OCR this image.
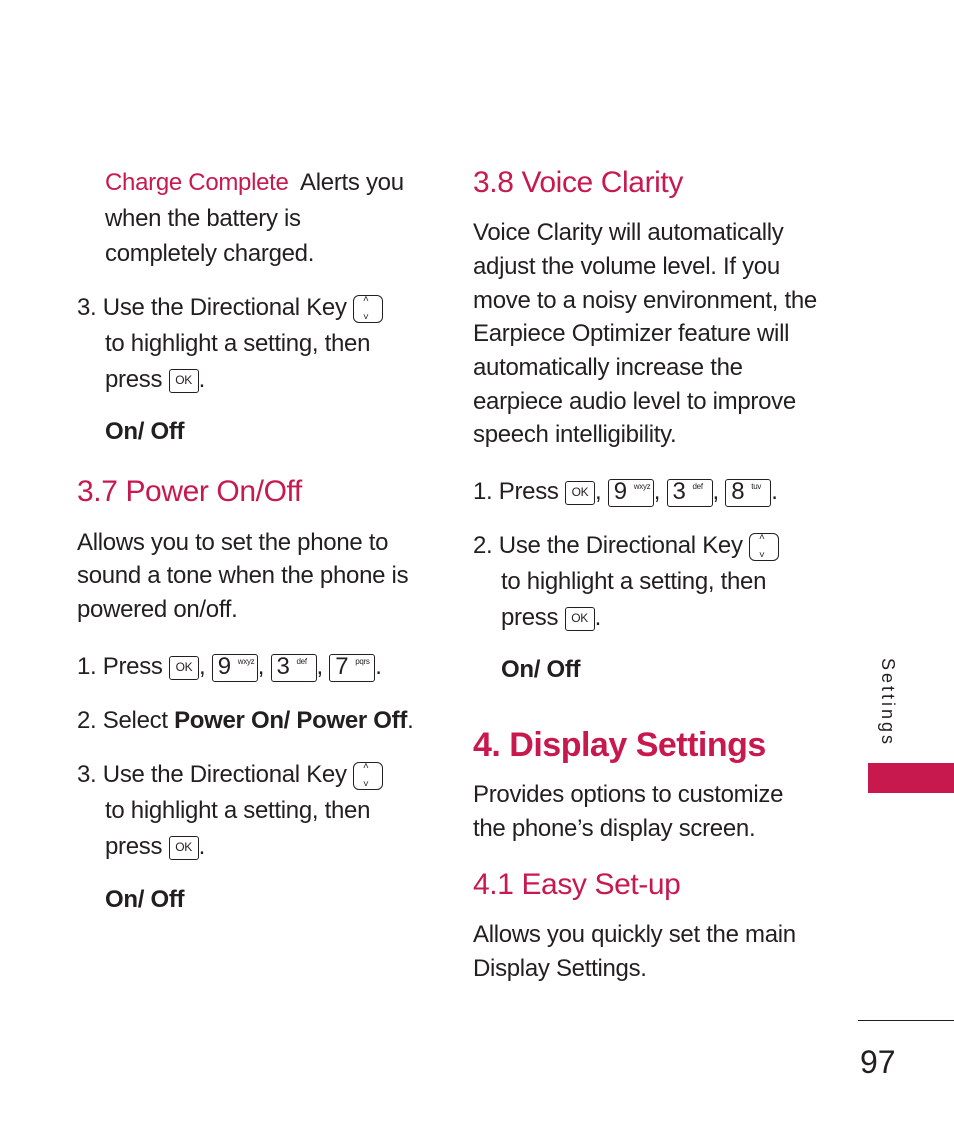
Charge Complete Alerts you
when the battery is
completely charged.
3. Use the Directional Key ˄
˅
to highlight a setting, then
press OK .
On/ Off
3.7 Power On/Off
Allows you to set the phone to
sound a tone when the phone is
powered on/off.
1. Press OK , 9 wxyz , 3 def , 7 pqrs .
2. Select Power On/ Power Off.
3. Use the Directional Key ˄
˅
to highlight a setting, then
press OK .
On/ Off
3.8 Voice Clarity
Voice Clarity will automatically
adjust the volume level. If you
move to a noisy environment, the
Earpiece Optimizer feature will
automatically increase the
earpiece audio level to improve
speech intelligibility.
1. Press OK , 9 wxyz , 3 def , 8 tuv .
2. Use the Directional Key ˄
˅
to highlight a setting, then
press OK .
On/ Off
4. Display Settings
Provides options to customize
the phone’s display screen.
4.1 Easy Set-up
Allows you quickly set the main
Display Settings.
Settings
97
